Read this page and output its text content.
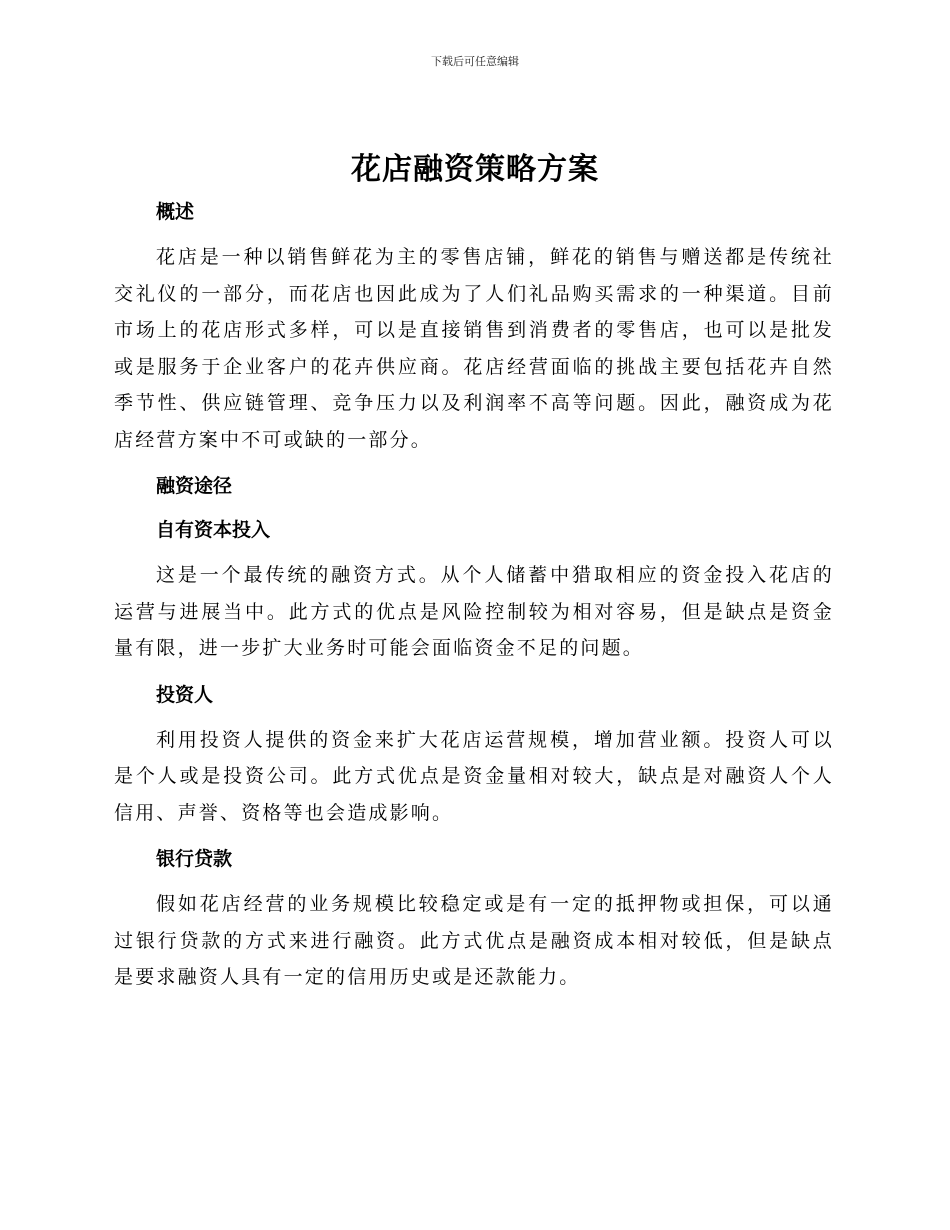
下载后可任意编辑
花店融资策略方案
概述

花店是一种以销售鲜花为主的零售店铺，鲜花的销售与赠送都是传统社交礼仪的一部分，而花店也因此成为了人们礼品购买需求的一种渠道。目前市场上的花店形式多样，可以是直接销售到消费者的零售店，也可以是批发或是服务于企业客户的花卉供应商。花店经营面临的挑战主要包括花卉自然季节性、供应链管理、竞争压力以及利润率不高等问题。因此，融资成为花店经营方案中不可或缺的一部分。

融资途径
自有资本投入

这是一个最传统的融资方式。从个人储蓄中猎取相应的资金投入花店的运营与进展当中。此方式的优点是风险控制较为相对容易，但是缺点是资金量有限，进一步扩大业务时可能会面临资金不足的问题。

投资人

利用投资人提供的资金来扩大花店运营规模，增加营业额。投资人可以是个人或是投资公司。此方式优点是资金量相对较大，缺点是对融资人个人信用、声誉、资格等也会造成影响。

银行贷款

假如花店经营的业务规模比较稳定或是有一定的抵押物或担保，可以通过银行贷款的方式来进行融资。此方式优点是融资成本相对较低，但是缺点是要求融资人具有一定的信用历史或是还款能力。
